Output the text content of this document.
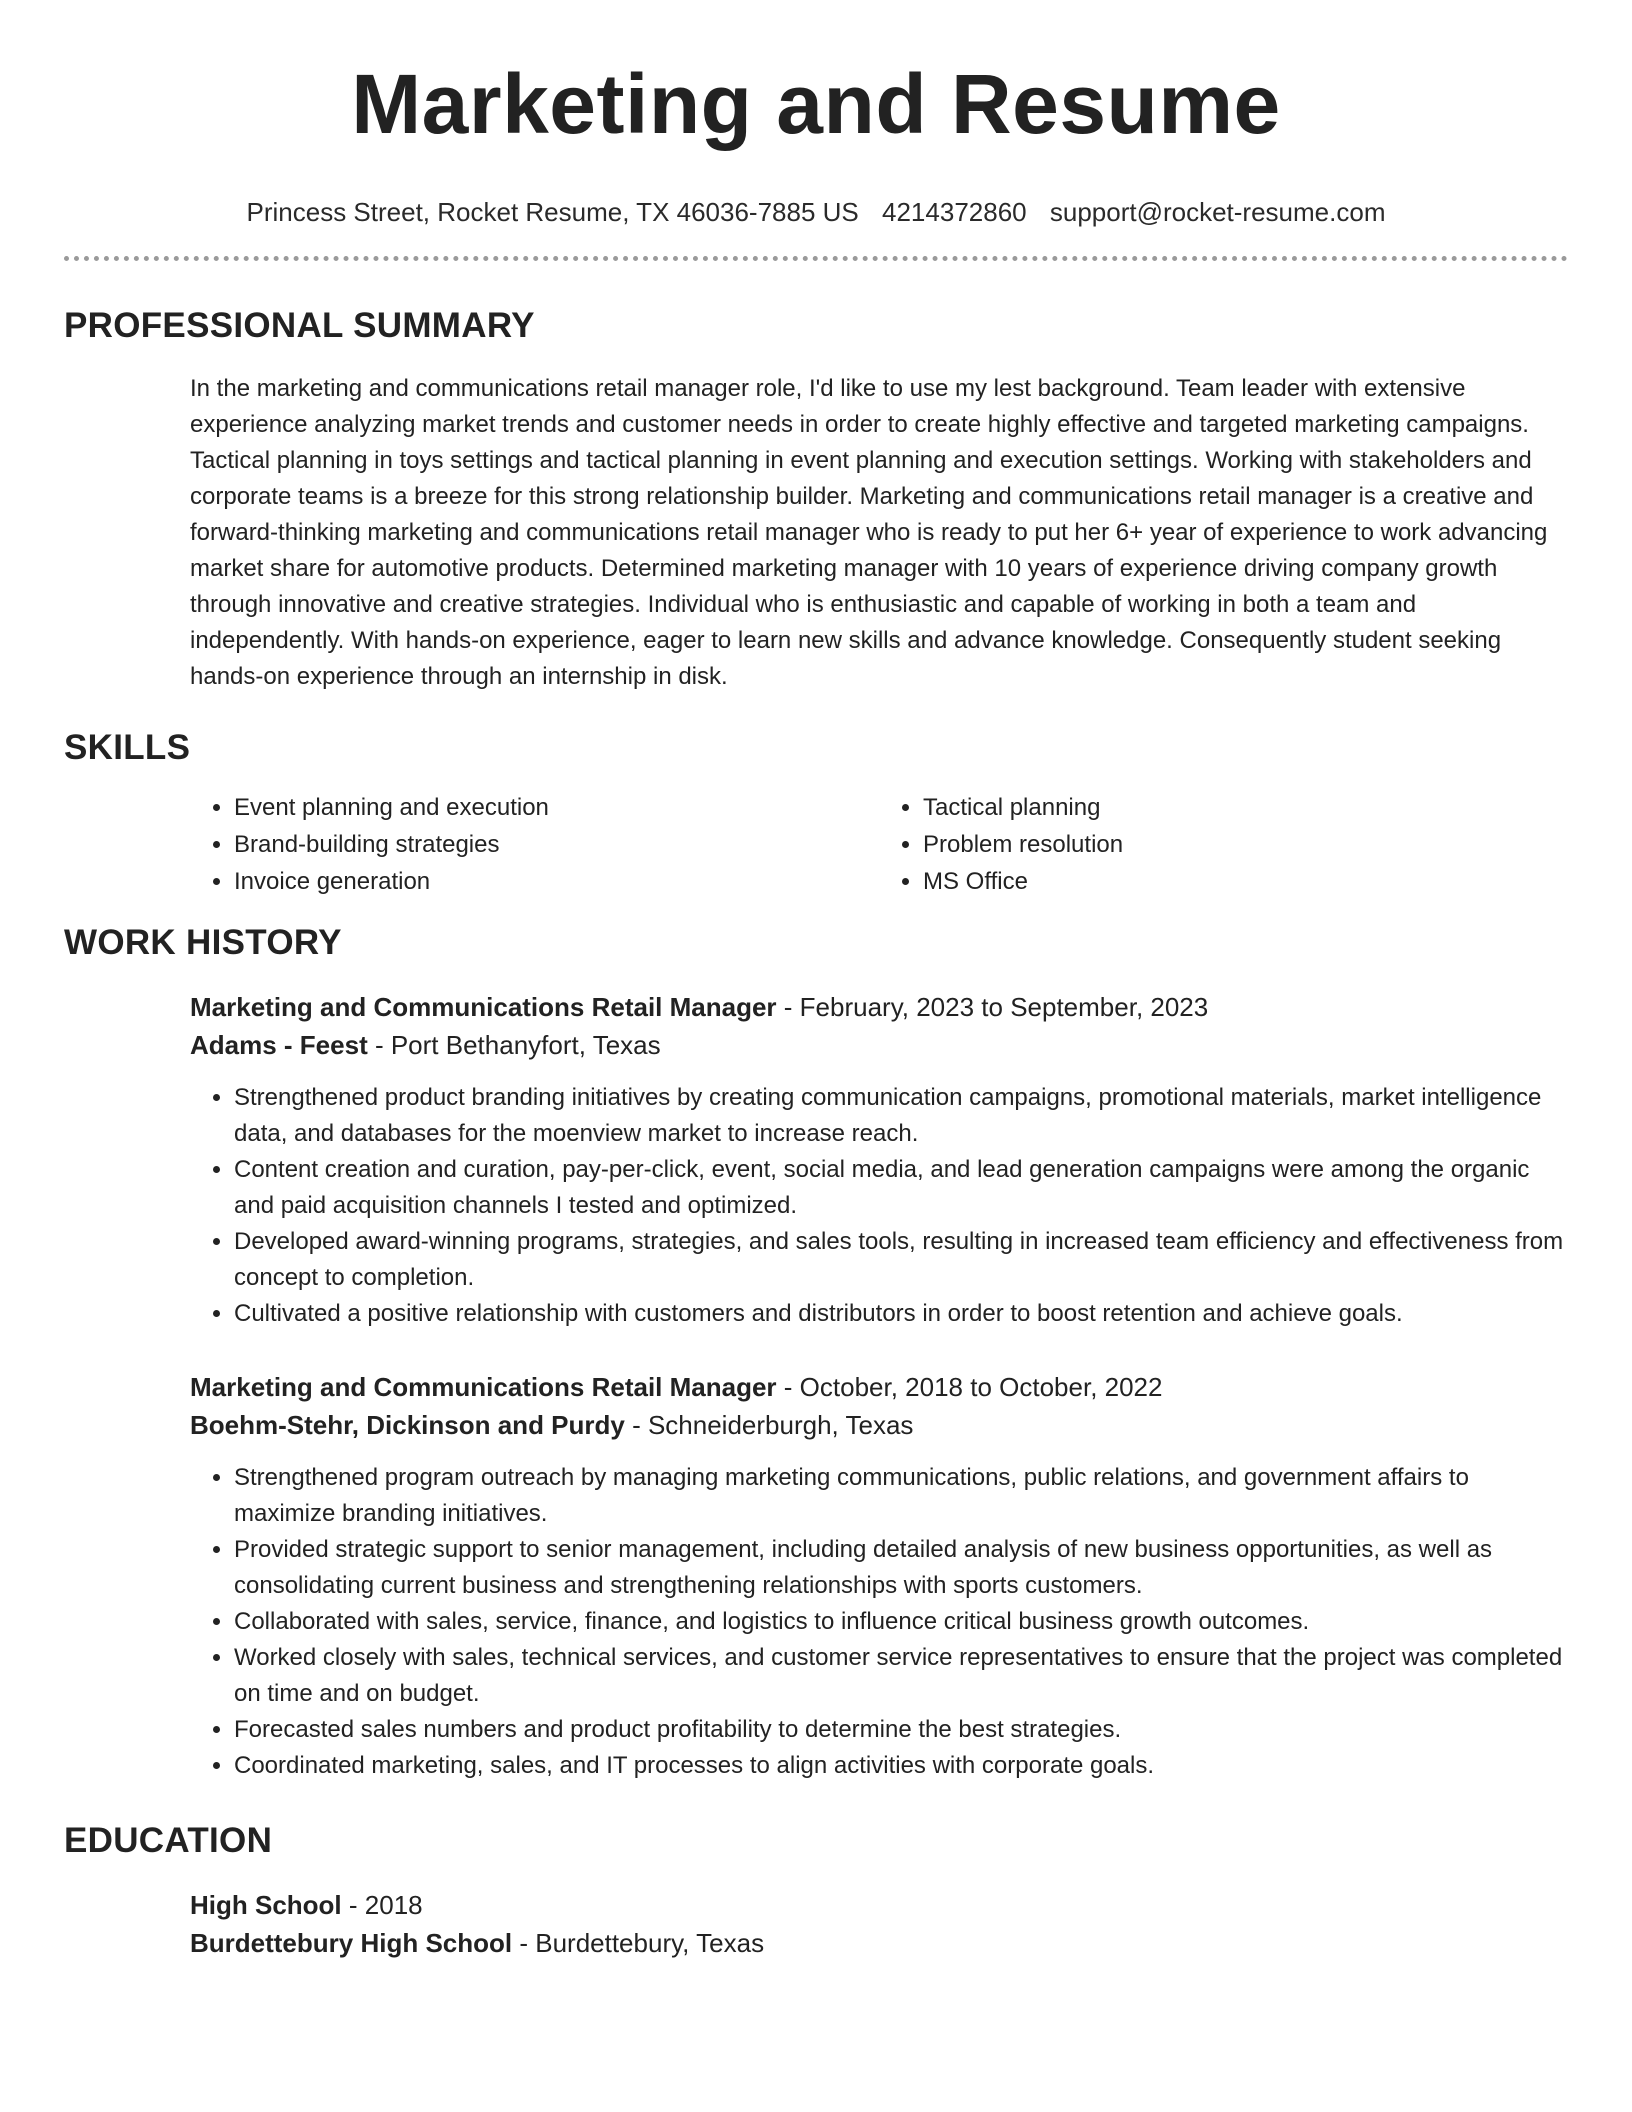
Marketing and Resume
Princess Street, Rocket Resume, TX 46036-7885 US 4214372860 support@rocket-resume.com
PROFESSIONAL SUMMARY
In the marketing and communications retail manager role, I'd like to use my lest background. Team leader with extensive experience analyzing market trends and customer needs in order to create highly effective and targeted marketing campaigns. Tactical planning in toys settings and tactical planning in event planning and execution settings. Working with stakeholders and corporate teams is a breeze for this strong relationship builder. Marketing and communications retail manager is a creative and forward-thinking marketing and communications retail manager who is ready to put her 6+ year of experience to work advancing market share for automotive products. Determined marketing manager with 10 years of experience driving company growth through innovative and creative strategies. Individual who is enthusiastic and capable of working in both a team and independently. With hands-on experience, eager to learn new skills and advance knowledge. Consequently student seeking hands-on experience through an internship in disk.
SKILLS
• Event planning and execution
• Brand-building strategies
• Invoice generation
• Tactical planning
• Problem resolution
• MS Office
WORK HISTORY
Marketing and Communications Retail Manager - February, 2023 to September, 2023
Adams - Feest - Port Bethanyfort, Texas
• Strengthened product branding initiatives by creating communication campaigns, promotional materials, market intelligence data, and databases for the moenview market to increase reach.
• Content creation and curation, pay-per-click, event, social media, and lead generation campaigns were among the organic and paid acquisition channels I tested and optimized.
• Developed award-winning programs, strategies, and sales tools, resulting in increased team efficiency and effectiveness from concept to completion.
• Cultivated a positive relationship with customers and distributors in order to boost retention and achieve goals.
Marketing and Communications Retail Manager - October, 2018 to October, 2022
Boehm-Stehr, Dickinson and Purdy - Schneiderburgh, Texas
• Strengthened program outreach by managing marketing communications, public relations, and government affairs to maximize branding initiatives.
• Provided strategic support to senior management, including detailed analysis of new business opportunities, as well as consolidating current business and strengthening relationships with sports customers.
• Collaborated with sales, service, finance, and logistics to influence critical business growth outcomes.
• Worked closely with sales, technical services, and customer service representatives to ensure that the project was completed on time and on budget.
• Forecasted sales numbers and product profitability to determine the best strategies.
• Coordinated marketing, sales, and IT processes to align activities with corporate goals.
EDUCATION
High School - 2018
Burdettebury High School - Burdettebury, Texas
